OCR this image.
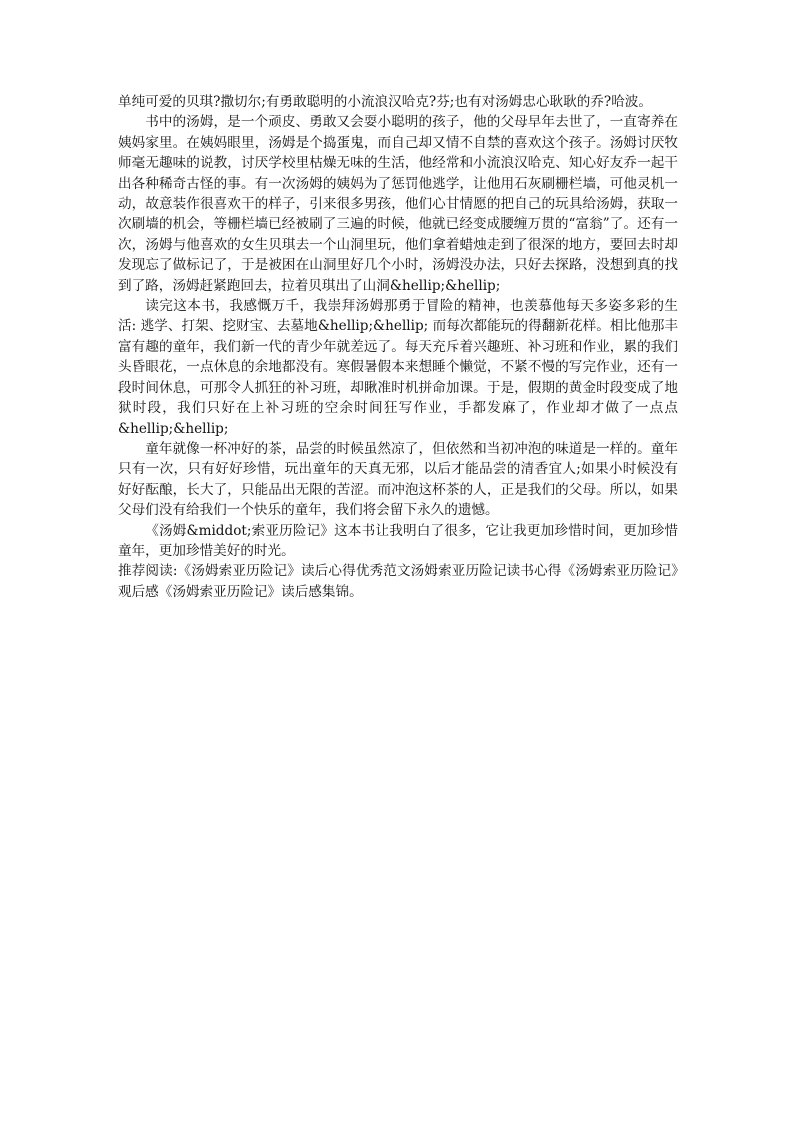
单纯可爱的贝琪?撒切尔;有勇敢聪明的小流浪汉哈克?芬;也有对汤姆忠心耿耿的乔?哈波。

书中的汤姆，是一个顽皮、勇敢又会耍小聪明的孩子，他的父母早年去世了，一直寄养在姨妈家里。在姨妈眼里，汤姆是个捣蛋鬼，而自己却又情不自禁的喜欢这个孩子。汤姆讨厌牧师毫无趣味的说教，讨厌学校里枯燥无味的生活，他经常和小流浪汉哈克、知心好友乔一起干出各种稀奇古怪的事。有一次汤姆的姨妈为了惩罚他逃学，让他用石灰刷栅栏墙，可他灵机一动，故意装作很喜欢干的样子，引来很多男孩，他们心甘情愿的把自己的玩具给汤姆，获取一次刷墙的机会，等栅栏墙已经被刷了三遍的时候，他就已经变成腰缠万贯的“富翁”了。还有一次，汤姆与他喜欢的女生贝琪去一个山洞里玩，他们拿着蜡烛走到了很深的地方，要回去时却发现忘了做标记了，于是被困在山洞里好几个小时，汤姆没办法，只好去探路，没想到真的找到了路，汤姆赶紧跑回去，拉着贝琪出了山洞&hellip;&hellip;

读完这本书，我感慨万千，我崇拜汤姆那勇于冒险的精神，也羡慕他每天多姿多彩的生活: 逃学、打架、挖财宝、去墓地&hellip;&hellip; 而每次都能玩的得翻新花样。相比他那丰富有趣的童年，我们新一代的青少年就差远了。每天充斥着兴趣班、补习班和作业，累的我们头昏眼花，一点休息的余地都没有。寒假暑假本来想睡个懒觉，不紧不慢的写完作业，还有一段时间休息，可那令人抓狂的补习班，却瞅准时机拼命加课。于是，假期的黄金时段变成了地狱时段，我们只好在上补习班的空余时间狂写作业，手都发麻了，作业却才做了一点点&hellip;&hellip;

童年就像一杯冲好的茶，品尝的时候虽然凉了，但依然和当初冲泡的味道是一样的。童年只有一次，只有好好珍惜，玩出童年的天真无邪，以后才能品尝的清香宜人;如果小时候没有好好酝酿，长大了，只能品出无限的苦涩。而冲泡这杯茶的人，正是我们的父母。所以，如果父母们没有给我们一个快乐的童年，我们将会留下永久的遗憾。

《汤姆&middot;索亚历险记》这本书让我明白了很多，它让我更加珍惜时间，更加珍惜童年，更加珍惜美好的时光。

推荐阅读:《汤姆索亚历险记》读后心得优秀范文汤姆索亚历险记读书心得《汤姆索亚历险记》观后感《汤姆索亚历险记》读后感集锦。
